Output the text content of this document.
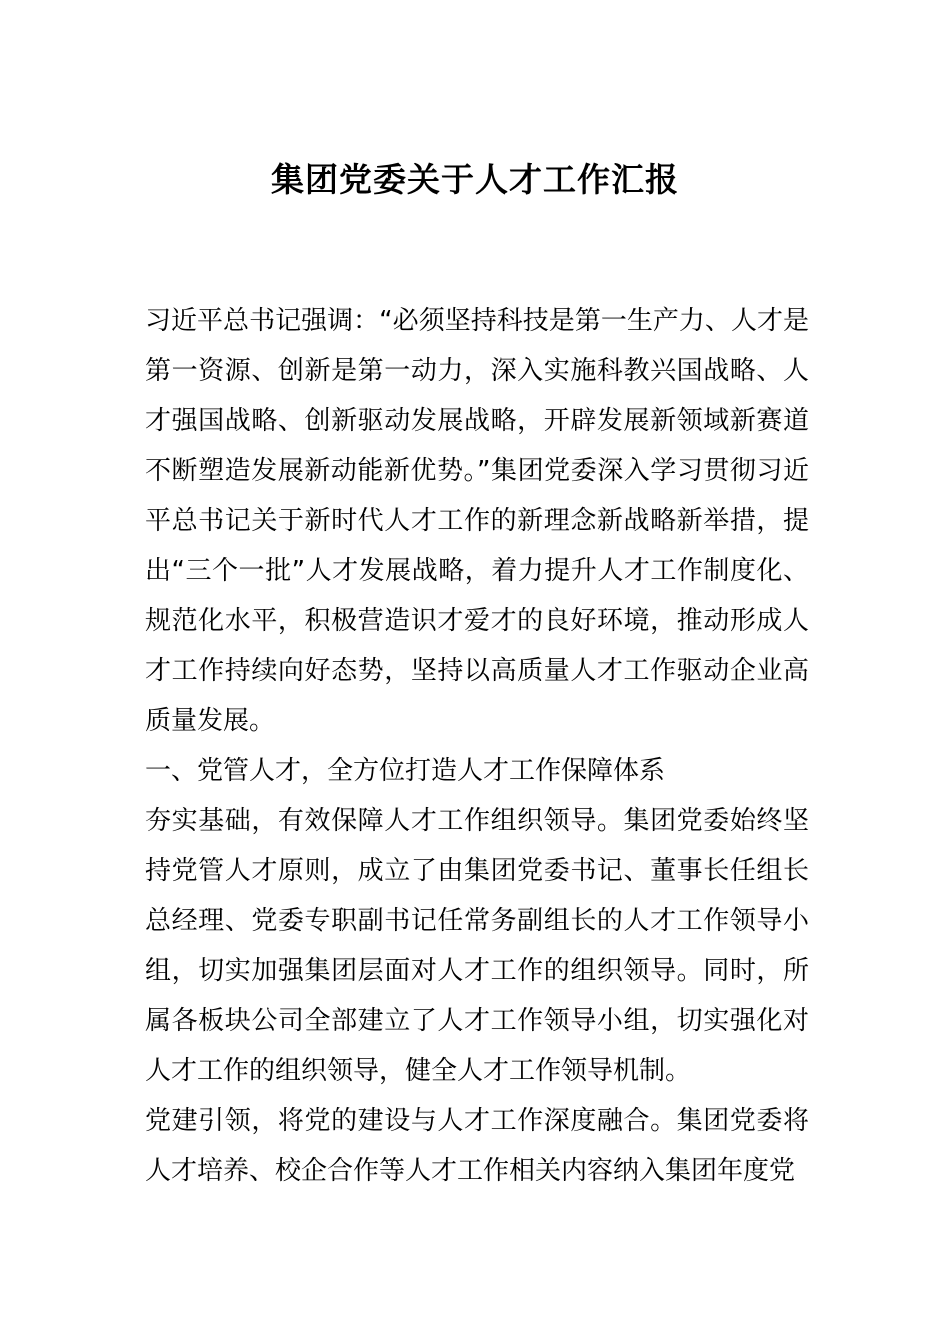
集团党委关于人才工作汇报

习近平总书记强调：“必须坚持科技是第一生产力、人才是第一资源、创新是第一动力，深入实施科教兴国战略、人才强国战略、创新驱动发展战略，开辟发展新领域新赛道不断塑造发展新动能新优势。”集团党委深入学习贯彻习近平总书记关于新时代人才工作的新理念新战略新举措，提出“三个一批”人才发展战略，着力提升人才工作制度化、规范化水平，积极营造识才爱才的良好环境，推动形成人才工作持续向好态势，坚持以高质量人才工作驱动企业高质量发展。

一、党管人才，全方位打造人才工作保障体系

夯实基础，有效保障人才工作组织领导。集团党委始终坚持党管人才原则，成立了由集团党委书记、董事长任组长总经理、党委专职副书记任常务副组长的人才工作领导小组，切实加强集团层面对人才工作的组织领导。同时，所属各板块公司全部建立了人才工作领导小组，切实强化对人才工作的组织领导，健全人才工作领导机制。

党建引领，将党的建设与人才工作深度融合。集团党委将人才培养、校企合作等人才工作相关内容纳入集团年度党
